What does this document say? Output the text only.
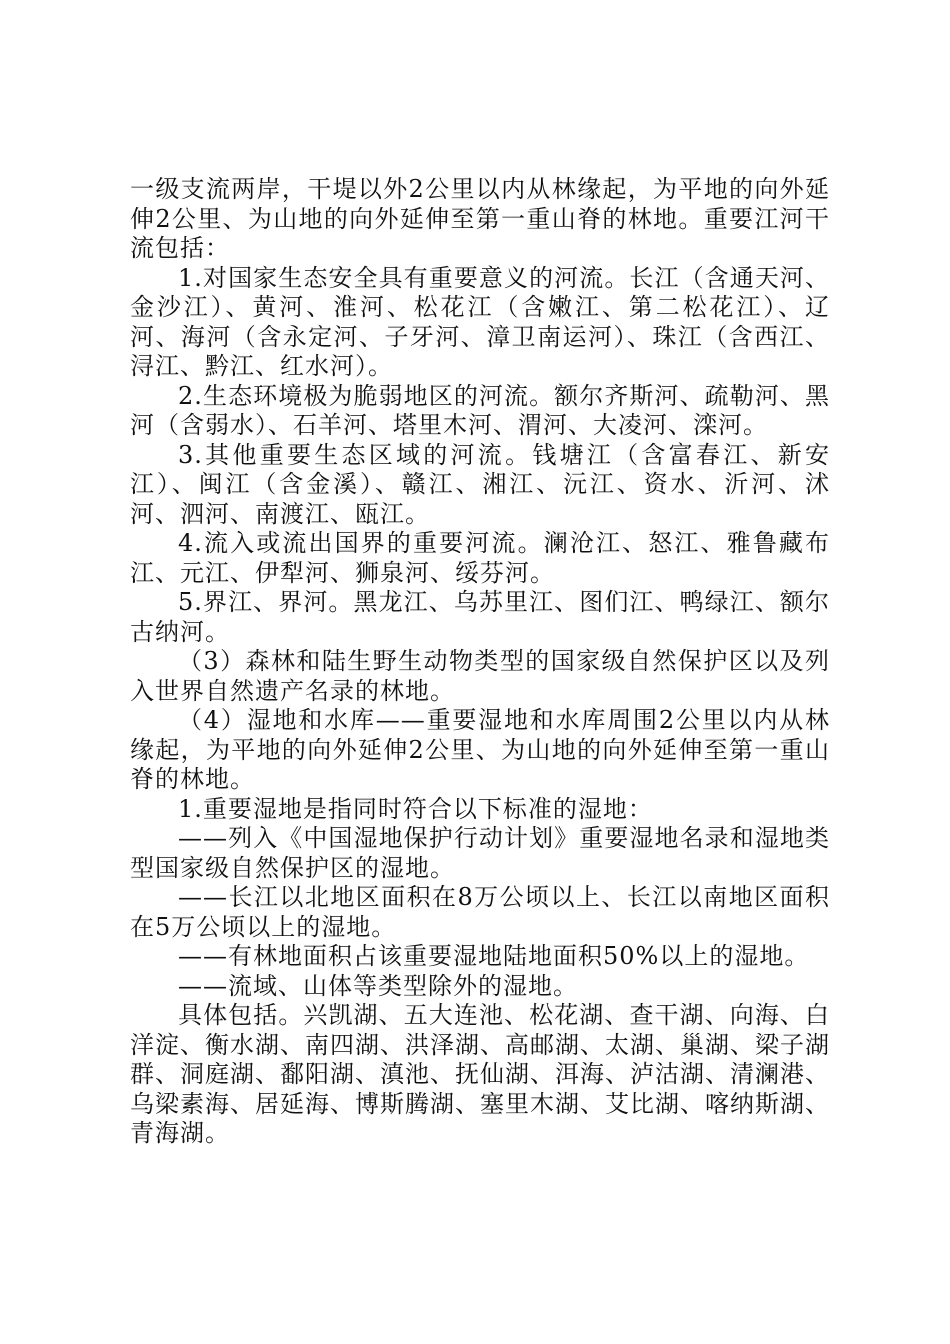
一级支流两岸，干堤以外2公里以内从林缘起，为平地的向外延伸2公里、为山地的向外延伸至第一重山脊的林地。重要江河干流包括：

1.对国家生态安全具有重要意义的河流。长江（含通天河、金沙江）、黄河、淮河、松花江（含嫩江、第二松花江）、辽河、海河（含永定河、子牙河、漳卫南运河）、珠江（含西江、浔江、黔江、红水河）。

2.生态环境极为脆弱地区的河流。额尔齐斯河、疏勒河、黑河（含弱水）、石羊河、塔里木河、渭河、大凌河、滦河。

3.其他重要生态区域的河流。钱塘江（含富春江、新安江）、闽江（含金溪）、赣江、湘江、沅江、资水、沂河、沭河、泗河、南渡江、瓯江。

4.流入或流出国界的重要河流。澜沧江、怒江、雅鲁藏布江、元江、伊犁河、狮泉河、绥芬河。

5.界江、界河。黑龙江、乌苏里江、图们江、鸭绿江、额尔古纳河。

（3）森林和陆生野生动物类型的国家级自然保护区以及列入世界自然遗产名录的林地。

（4）湿地和水库——重要湿地和水库周围2公里以内从林缘起，为平地的向外延伸2公里、为山地的向外延伸至第一重山脊的林地。

1.重要湿地是指同时符合以下标准的湿地：

——列入《中国湿地保护行动计划》重要湿地名录和湿地类型国家级自然保护区的湿地。

——长江以北地区面积在8万公顷以上、长江以南地区面积在5万公顷以上的湿地。

——有林地面积占该重要湿地陆地面积50%以上的湿地。

——流域、山体等类型除外的湿地。

具体包括。兴凯湖、五大连池、松花湖、查干湖、向海、白洋淀、衡水湖、南四湖、洪泽湖、高邮湖、太湖、巢湖、梁子湖群、洞庭湖、鄱阳湖、滇池、抚仙湖、洱海、泸沽湖、清澜港、乌梁素海、居延海、博斯腾湖、塞里木湖、艾比湖、喀纳斯湖、青海湖。
